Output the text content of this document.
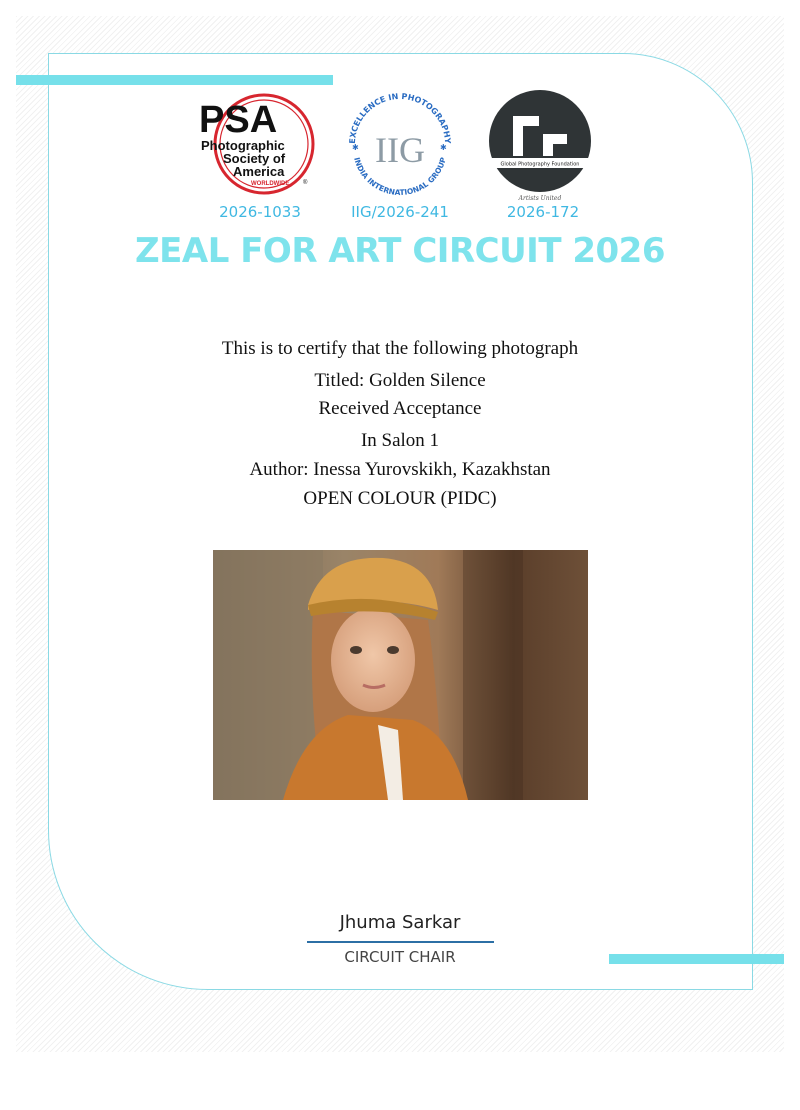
PSA
Photographic
Society of
America
WORLDWIDE ®
EXCELLENCE IN PHOTOGRAPHY
INDIA INTERNATIONAL GROUP
✱	✱
IIG	Global Photography Foundation
Artists United
2026-1033	IIG/2026-241	2026-172
ZEAL FOR ART CIRCUIT 2026
This is to certify that the following photograph
Titled: Golden Silence
Received Acceptance
In Salon 1
Author: Inessa Yurovskikh, Kazakhstan
OPEN COLOUR (PIDC)
Jhuma Sarkar
CIRCUIT CHAIR
